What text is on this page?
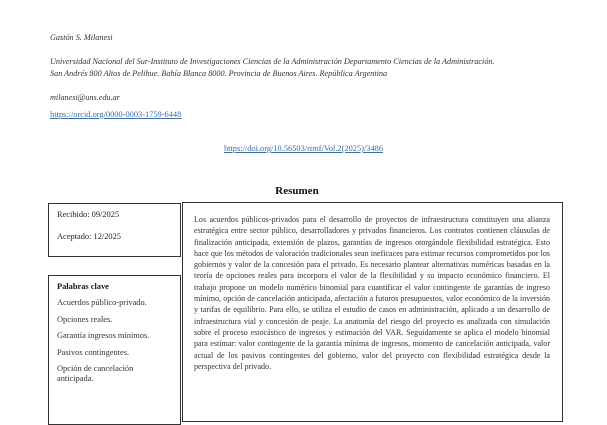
Gastón S. Milanesi
Universidad Nacional del Sur-Instituto de Investigaciones Ciencias de la Administración Departamento Ciencias de la Administración.
San Andrés 800 Altos de Pelihue. Bahía Blanca 8000. Provincia de Buenos Aires. República Argentina
milanesi@uns.edu.ar
https://orcid.org/0000-0003-1759-6448
https://doi.org/10.56503/rimf/Vol.2(2025)/3486
Resumen
Recibido: 09/2025
Aceptado: 12/2025
Palabras clave
Acuerdos público-privado.
Opciones reales.
Garantía ingresos mínimos.
Pasivos contingentes.
Opción de cancelación anticipada.
Los acuerdos públicos-privados para el desarrollo de proyectos de infraestructura constituyen una alianza estratégica entre sector público, desarrolladores y privados financieros. Los contratos contienen cláusulas de finalización anticipada, extensión de plazos, garantías de ingresos otorgándole flexibilidad estratégica. Esto hace que los métodos de valoración tradicionales sean ineficaces para estimar recursos comprometidos por los gobiernos y valor de la concesión para el privado. Es necesario plantear alternativas numéricas basadas en la teoría de opciones reales para incorpora el valor de la flexibilidad y su impacto económico financiero. El trabajo propone un modelo numérico binomial para cuantificar el valor contingente de garantías de ingreso mínimo, opción de cancelación anticipada, afectación a futuros presupuestos, valor económico de la inversión y tarifas de equilibrio. Para ello, se utiliza el estudio de casos en administración, aplicado a un desarrollo de infraestructura vial y concesión de peaje. La anatomía del riesgo del proyecto es analizada con simulación sobre el proceso estocástico de ingresos y estimación del VAR. Seguidamente se aplica el modelo binomial para estimar: valor contingente de la garantía mínima de ingresos, momento de cancelación anticipada, valor actual de los pasivos contingentes del gobierno, valor del proyecto con flexibilidad estratégica desde la perspectiva del privado.
